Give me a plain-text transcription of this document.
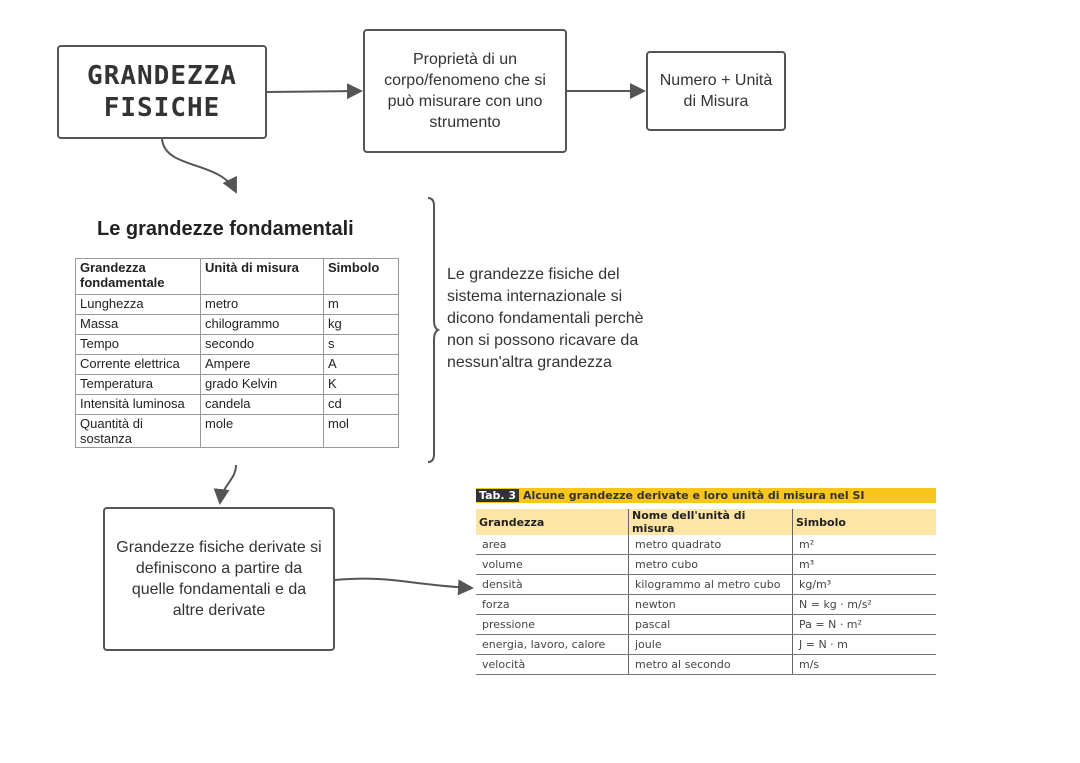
GRANDEZZA
FISICHE
Proprietà di un corpo/fenomeno che si può misurare con uno strumento
Numero + Unità di Misura
Grandezze fisiche derivate si definiscono a partire da quelle fondamentali e da altre derivate
Le grandezze fondamentali
Grandezza fondamentale	Unità di misura	Simbolo
Lunghezza	metro	m
Massa	chilogrammo	kg
Tempo	secondo	s
Corrente elettrica	Ampere	A
Temperatura	grado Kelvin	K
Intensità luminosa	candela	cd
Quantità di sostanza	mole	mol
Le grandezze fisiche del sistema internazionale si dicono fondamentali perchè non si possono ricavare da nessun'altra grandezza
Tab. 3 Alcune grandezze derivate e loro unità di misura nel SI
Grandezza	Nome dell'unità di misura	Simbolo
area	metro quadrato	m²
volume	metro cubo	m³
densità	kilogrammo al metro cubo	kg/m³
forza	newton	N = kg · m/s²
pressione	pascal	Pa = N · m²
energia, lavoro, calore	joule	J = N · m
velocità	metro al secondo	m/s
